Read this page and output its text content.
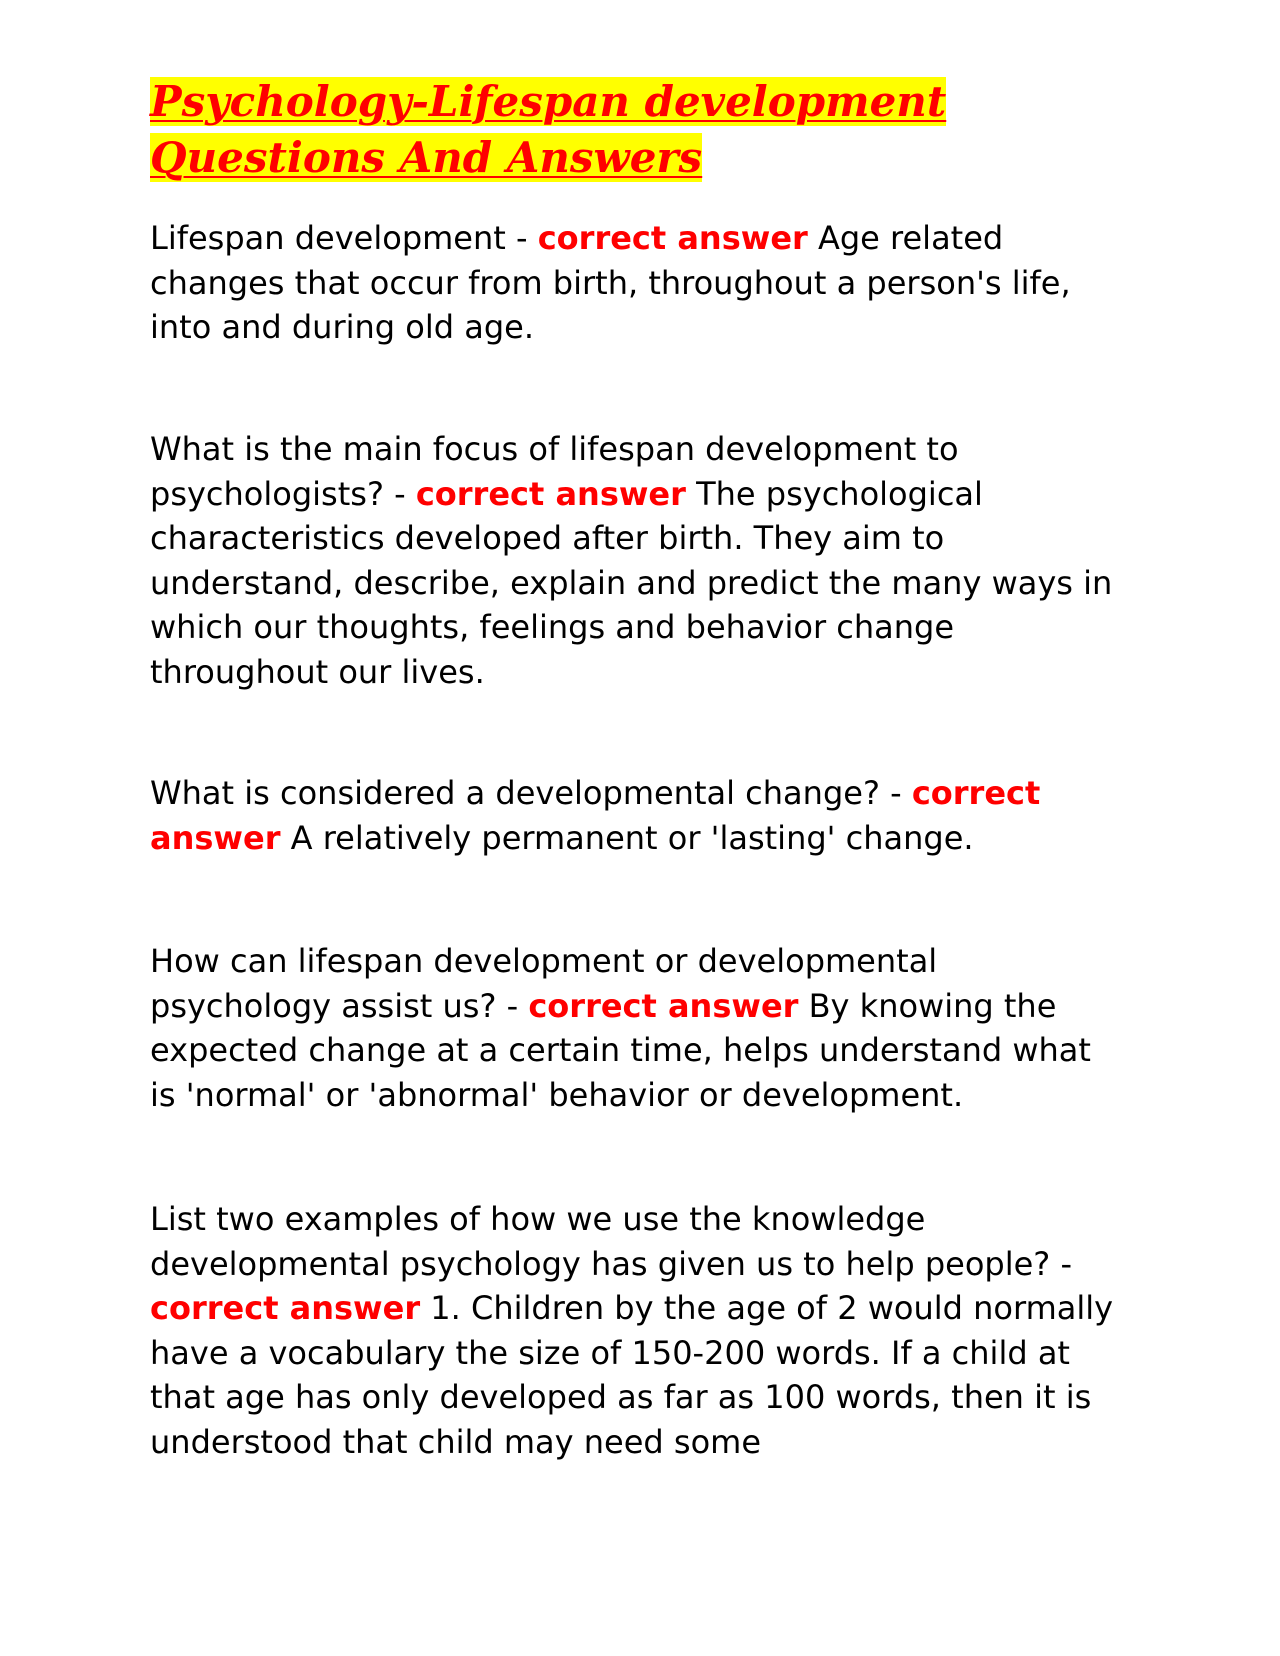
Psychology-Lifespan development Questions And Answers

Lifespan development - correct answer Age related changes that occur from birth, throughout a person's life, into and during old age.

What is the main focus of lifespan development to psychologists? - correct answer The psychological characteristics developed after birth. They aim to understand, describe, explain and predict the many ways in which our thoughts, feelings and behavior change throughout our lives.

What is considered a developmental change? - correct answer A relatively permanent or 'lasting' change.

How can lifespan development or developmental psychology assist us? - correct answer By knowing the expected change at a certain time, helps understand what is 'normal' or 'abnormal' behavior or development.

List two examples of how we use the knowledge developmental psychology has given us to help people? - correct answer 1. Children by the age of 2 would normally have a vocabulary the size of 150-200 words. If a child at that age has only developed as far as 100 words, then it is understood that child may need some
